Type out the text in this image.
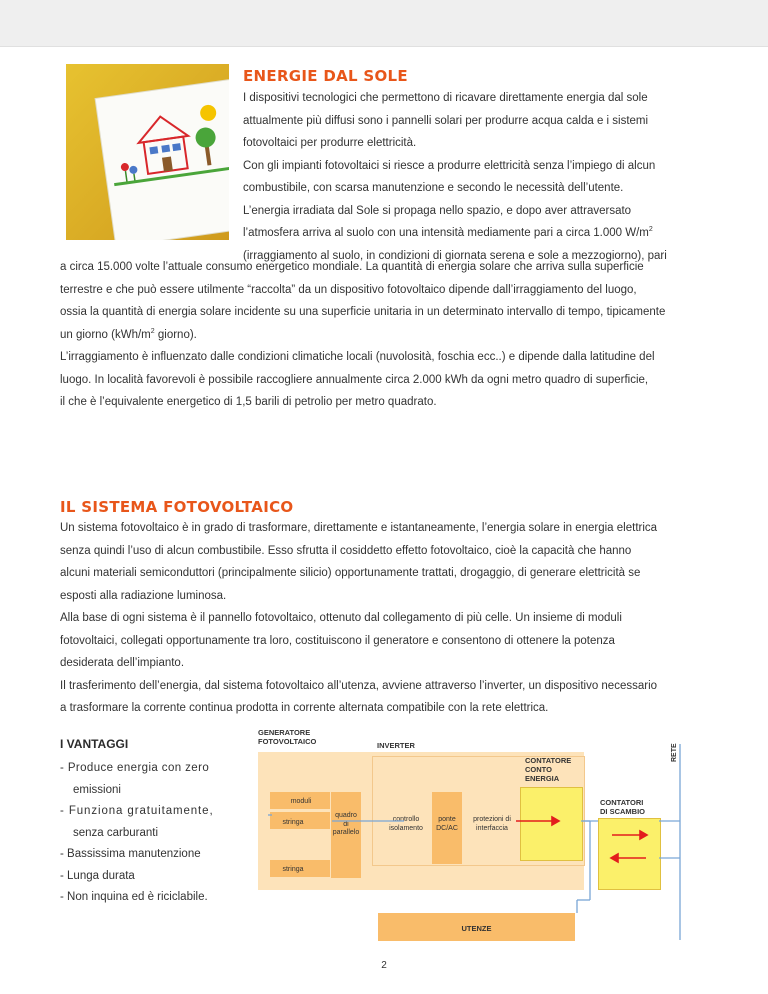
ENERGIE DAL SOLE
I dispositivi tecnologici che permettono di ricavare direttamente energia dal sole
attualmente più diffusi sono i pannelli solari per produrre acqua calda e i sistemi
fotovoltaici per produrre elettricità.
Con gli impianti fotovoltaici si riesce a produrre elettricità senza l’impiego di alcun
combustibile, con scarsa manutenzione e secondo le necessità dell’utente.
L’energia irradiata dal Sole si propaga nello spazio, e dopo aver attraversato
l’atmosfera arriva al suolo con una intensità mediamente pari a circa 1.000 $W/m^2$
(irraggiamento al suolo, in condizioni di giornata serena e sole a mezzogiorno), pari
a circa 15.000 volte l’attuale consumo energetico mondiale. La quantità di energia solare che arriva sulla superficie
terrestre e che può essere utilmente “raccolta” da un dispositivo fotovoltaico dipende dall’irraggiamento del luogo,
ossia la quantità di energia solare incidente su una superficie unitaria in un determinato intervallo di tempo, tipicamente
un giorno ($kWh/m^2$ giorno).
L’irraggiamento è influenzato dalle condizioni climatiche locali (nuvolosità, foschia ecc..) e dipende dalla latitudine del
luogo. In località favorevoli è possibile raccogliere annualmente circa 2.000 kWh da ogni metro quadro di superficie,
il che è l’equivalente energetico di 1,5 barili di petrolio per metro quadrato.
IL SISTEMA FOTOVOLTAICO
Un sistema fotovoltaico è in grado di trasformare, direttamente e istantaneamente, l’energia solare in energia elettrica
senza quindi l’uso di alcun combustibile. Esso sfrutta il cosiddetto effetto fotovoltaico, cioè la capacità che hanno
alcuni materiali semiconduttori (principalmente silicio) opportunamente trattati, drogaggio, di generare elettricità se
esposti alla radiazione luminosa.
Alla base di ogni sistema è il pannello fotovoltaico, ottenuto dal collegamento di più celle. Un insieme di moduli
fotovoltaici, collegati opportunamente tra loro, costituiscono il generatore e consentono di ottenere la potenza
desiderata dell’impianto.
Il trasferimento dell’energia, dal sistema fotovoltaico all’utenza, avviene attraverso l’inverter, un dispositivo necessario
a trasformare la corrente continua prodotta in corrente alternata compatibile con la rete elettrica.
I VANTAGGI
- Produce energia con zero
emissioni
- Funziona gratuitamente,
senza carburanti
- Bassissima manutenzione
- Lunga durata
- Non inquina ed è riciclabile.
GENERATORE
FOTOVOLTAICO	INVERTER
moduli
stringa
stringa
quadro
di
parallelo
controllo
isolamento
ponte
DC/AC
protezioni di
interfaccia
CONTATORE
CONTO
ENERGIA
CONTATORI
DI SCAMBIO
UTENZE
RETE
2
